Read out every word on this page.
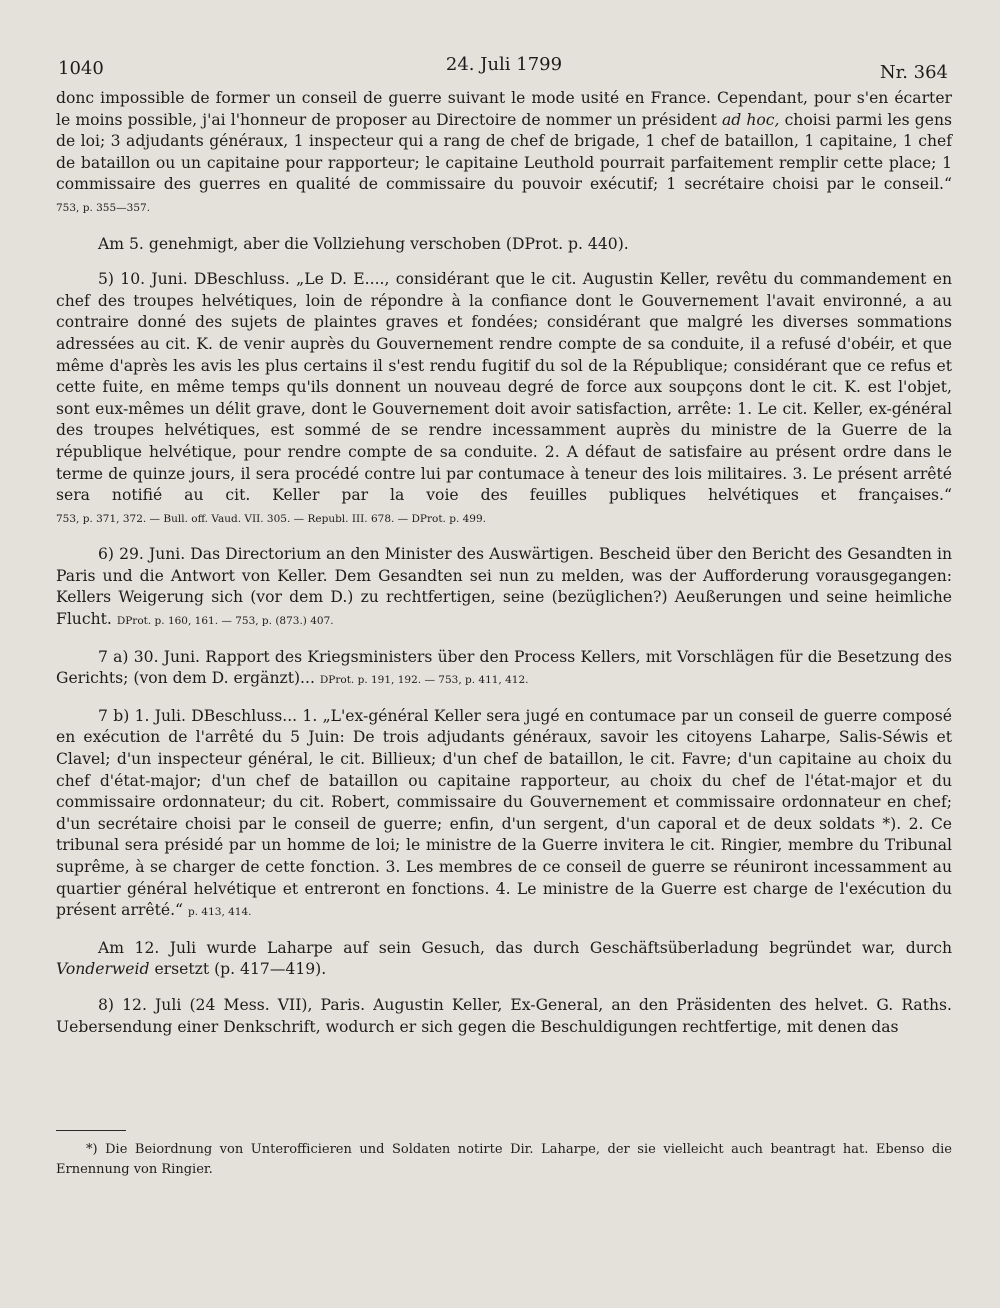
1040	24. Juli 1799	Nr. 364

donc impossible de former un conseil de guerre suivant le mode usité en France. Cependant, pour s'en écarter le moins possible, j'ai l'honneur de proposer au Directoire de nommer un président ad hoc, choisi parmi les gens de loi; 3 adjudants généraux, 1 inspecteur qui a rang de chef de brigade, 1 chef de bataillon, 1 capitaine, 1 chef de bataillon ou un capitaine pour rapporteur; le capitaine Leuthold pourrait parfaitement remplir cette place; 1 commissaire des guerres en qualité de commissaire du pouvoir exécutif; 1 secrétaire choisi par le conseil.“ 753, p. 355—357.

Am 5. genehmigt, aber die Vollziehung verschoben (DProt. p. 440).

5) 10. Juni. DBeschluss. „Le D. E...., considérant que le cit. Augustin Keller, revêtu du commandement en chef des troupes helvétiques, loin de répondre à la confiance dont le Gouvernement l'avait environné, a au contraire donné des sujets de plaintes graves et fondées; considérant que malgré les diverses sommations adressées au cit. K. de venir auprès du Gouvernement rendre compte de sa conduite, il a refusé d'obéir, et que même d'après les avis les plus certains il s'est rendu fugitif du sol de la République; considérant que ce refus et cette fuite, en même temps qu'ils donnent un nouveau degré de force aux soupçons dont le cit. K. est l'objet, sont eux-mêmes un délit grave, dont le Gouvernement doit avoir satisfaction, arrête: 1. Le cit. Keller, ex-général des troupes helvétiques, est sommé de se rendre incessamment auprès du ministre de la Guerre de la république helvétique, pour rendre compte de sa conduite. 2. A défaut de satisfaire au présent ordre dans le terme de quinze jours, il sera procédé contre lui par contumace à teneur des lois militaires. 3. Le présent arrêté sera notifié au cit. Keller par la voie des feuilles publiques helvétiques et françaises.“ 753, p. 371, 372. — Bull. off. Vaud. VII. 305. — Republ. III. 678. — DProt. p. 499.

6) 29. Juni. Das Directorium an den Minister des Auswärtigen. Bescheid über den Bericht des Gesandten in Paris und die Antwort von Keller. Dem Gesandten sei nun zu melden, was der Aufforderung vorausgegangen: Kellers Weigerung sich (vor dem D.) zu rechtfertigen, seine (bezüglichen?) Aeußerungen und seine heimliche Flucht. DProt. p. 160, 161. — 753, p. (873.) 407.

7 a) 30. Juni. Rapport des Kriegsministers über den Process Kellers, mit Vorschlägen für die Besetzung des Gerichts; (von dem D. ergänzt)... DProt. p. 191, 192. — 753, p. 411, 412.

7 b) 1. Juli. DBeschluss... 1. „L'ex-général Keller sera jugé en contumace par un conseil de guerre composé en exécution de l'arrêté du 5 Juin: De trois adjudants généraux, savoir les citoyens Laharpe, Salis-Séwis et Clavel; d'un inspecteur général, le cit. Billieux; d'un chef de bataillon, le cit. Favre; d'un capitaine au choix du chef d'état-major; d'un chef de bataillon ou capitaine rapporteur, au choix du chef de l'état-major et du commissaire ordonnateur; du cit. Robert, commissaire du Gouvernement et commissaire ordonnateur en chef; d'un secrétaire choisi par le conseil de guerre; enfin, d'un sergent, d'un caporal et de deux soldats *). 2. Ce tribunal sera présidé par un homme de loi; le ministre de la Guerre invitera le cit. Ringier, membre du Tribunal suprême, à se charger de cette fonction. 3. Les membres de ce conseil de guerre se réuniront incessamment au quartier général helvétique et entreront en fonctions. 4. Le ministre de la Guerre est charge de l'exécution du présent arrêté.“ p. 413, 414.

Am 12. Juli wurde Laharpe auf sein Gesuch, das durch Geschäftsüberladung begründet war, durch Vonderweid ersetzt (p. 417—419).

8) 12. Juli (24 Mess. VII), Paris. Augustin Keller, Ex-General, an den Präsidenten des helvet. G. Raths. Uebersendung einer Denkschrift, wodurch er sich gegen die Beschuldigungen rechtfertige, mit denen das

*) Die Beiordnung von Unterofficieren und Soldaten notirte Dir. Laharpe, der sie vielleicht auch beantragt hat. Ebenso die Ernennung von Ringier.
